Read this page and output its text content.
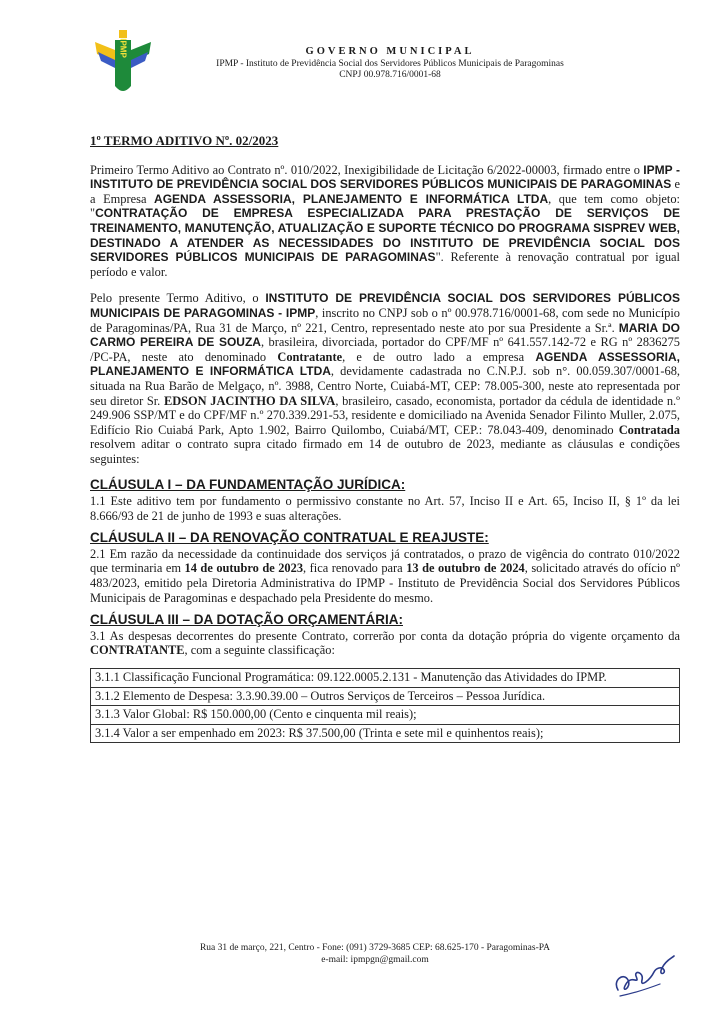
IPMP	GOVERNO MUNICIPAL
IPMP - Instituto de Previdência Social dos Servidores Públicos Municipais de Paragominas
CNPJ 00.978.716/0001-68
1º TERMO ADITIVO Nº. 02/2023

Primeiro Termo Aditivo ao Contrato nº. 010/2022, Inexigibilidade de Licitação 6/2022-00003, firmado entre o IPMP - INSTITUTO DE PREVIDÊNCIA SOCIAL DOS SERVIDORES PÚBLICOS MUNICIPAIS DE PARAGOMINAS e a Empresa AGENDA ASSESSORIA, PLANEJAMENTO E INFORMÁTICA LTDA, que tem como objeto: "CONTRATAÇÃO DE EMPRESA ESPECIALIZADA PARA PRESTAÇÃO DE SERVIÇOS DE TREINAMENTO, MANUTENÇÃO, ATUALIZAÇÃO E SUPORTE TÉCNICO DO PROGRAMA SISPREV WEB, DESTINADO A ATENDER AS NECESSIDADES DO INSTITUTO DE PREVIDÊNCIA SOCIAL DOS SERVIDORES PÚBLICOS MUNICIPAIS DE PARAGOMINAS". Referente à renovação contratual por igual período e valor.

Pelo presente Termo Aditivo, o INSTITUTO DE PREVIDÊNCIA SOCIAL DOS SERVIDORES PÚBLICOS MUNICIPAIS DE PARAGOMINAS - IPMP, inscrito no CNPJ sob o nº 00.978.716/0001-68, com sede no Município de Paragominas/PA, Rua 31 de Março, nº 221, Centro, representado neste ato por sua Presidente a Sr.ª. MARIA DO CARMO PEREIRA DE SOUZA, brasileira, divorciada, portador do CPF/MF nº 641.557.142-72 e RG nº 2836275 /PC-PA, neste ato denominado Contratante, e de outro lado a empresa AGENDA ASSESSORIA, PLANEJAMENTO E INFORMÁTICA LTDA, devidamente cadastrada no C.N.P.J. sob n°. 00.059.307/0001-68, situada na Rua Barão de Melgaço, nº. 3988, Centro Norte, Cuiabá-MT, CEP: 78.005-300, neste ato representada por seu diretor Sr. EDSON JACINTHO DA SILVA, brasileiro, casado, economista, portador da cédula de identidade n.º 249.906 SSP/MT e do CPF/MF n.º 270.339.291-53, residente e domiciliado na Avenida Senador Filinto Muller, 2.075, Edifício Rio Cuiabá Park, Apto 1.902, Bairro Quilombo, Cuiabá/MT, CEP.: 78.043-409, denominado Contratada resolvem aditar o contrato supra citado firmado em 14 de outubro de 2023, mediante as cláusulas e condições seguintes:

CLÁUSULA I – DA FUNDAMENTAÇÃO JURÍDICA:

1.1 Este aditivo tem por fundamento o permissivo constante no Art. 57, Inciso II e Art. 65, Inciso II, § 1º da lei 8.666/93 de 21 de junho de 1993 e suas alterações.

CLÁUSULA II – DA RENOVAÇÃO CONTRATUAL E REAJUSTE:

2.1 Em razão da necessidade da continuidade dos serviços já contratados, o prazo de vigência do contrato 010/2022 que terminaria em 14 de outubro de 2023, fica renovado para 13 de outubro de 2024, solicitado através do ofício nº 483/2023, emitido pela Diretoria Administrativa do IPMP - Instituto de Previdência Social dos Servidores Públicos Municipais de Paragominas e despachado pela Presidente do mesmo.

CLÁUSULA III – DA DOTAÇÃO ORÇAMENTÁRIA:

3.1 As despesas decorrentes do presente Contrato, correrão por conta da dotação própria do vigente orçamento da CONTRATANTE, com a seguinte classificação:

3.1.1 Classificação Funcional Programática: 09.122.0005.2.131 - Manutenção das Atividades do IPMP.
3.1.2 Elemento de Despesa: 3.3.90.39.00 – Outros Serviços de Terceiros – Pessoa Jurídica.
3.1.3 Valor Global: R$ 150.000,00 (Cento e cinquenta mil reais);
3.1.4 Valor a ser empenhado em 2023: R$ 37.500,00 (Trinta e sete mil e quinhentos reais);
Rua 31 de março, 221, Centro - Fone: (091) 3729-3685 CEP: 68.625-170 - Paragominas-PA
e-mail: ipmpgn@gmail.com
